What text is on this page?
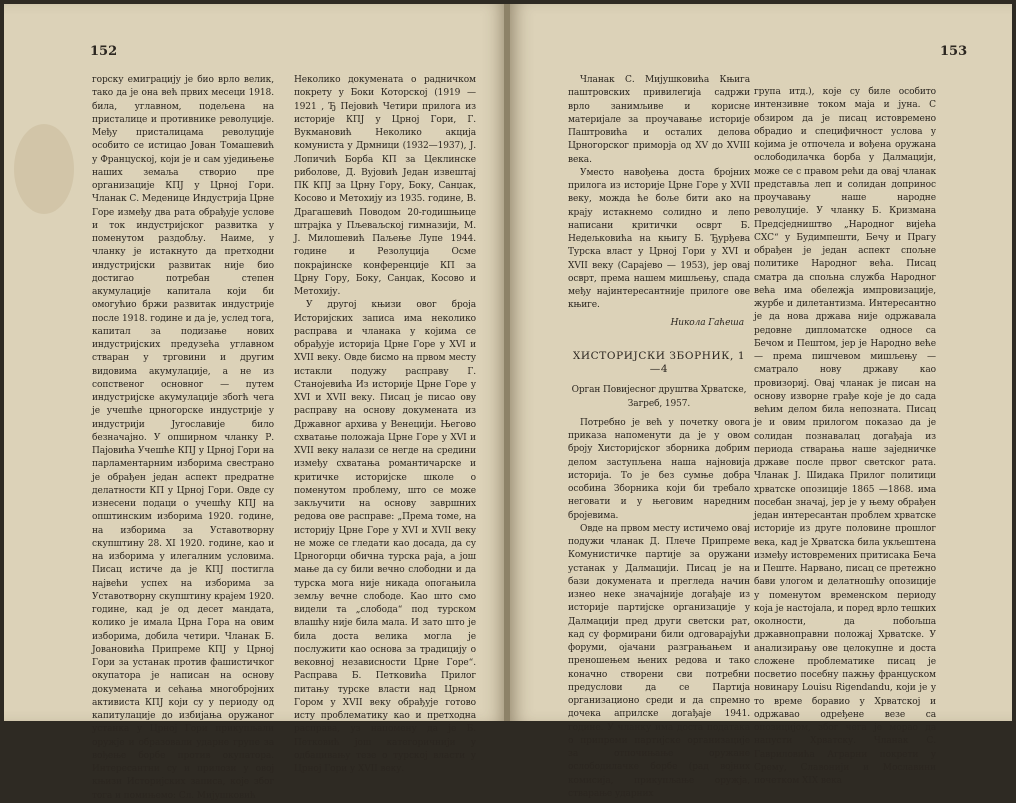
152

горску емиграцију је био врло велик, тако да је она већ првих месеци 1918. била, углавном, подељена на присталице и противнике револуције. Међу присталицама револуције особито се истицао Јован Томашевић у Француској, који је и сам уједињење наших земаља створио пре организације КПЈ у Црној Гори. Чланак С. Меденице Индустрија Црне Горе између два рата обрађује услове и ток индустријског развитка у поменутом раздобљу. Наиме, у чланку је истакнуто да претходни индустријски развитак није био достигао потребан степен акумулације капитала који би омогућио бржи развитак индустрије после 1918. године и да је, услед тога, капитал за подизање нових индустријских предузећа углавном стваран у трговини и другим видовима акумулације, а не из сопственог основног — путем индустријске акумулације збогћ чега је учешће црногорске индустрије у индустрији Југославије било безначајно. У опширном чланку Р. Пајовића Учешће КПЈ у Црној Гори на парламентарним изборима свестрано је обрађен један аспект предратне делатности КП у Црној Гори. Овде су изнесени подаци о учешћу КПЈ на општинским изборима 1920. године, на изборима за Уставотворну скупштину 28. XI 1920. године, као и на изборима у илегалним условима. Писац истиче да је КПЈ постигла највећи успех на изборима за Уставотворну скупштину крајем 1920. године, кад је од десет мандата, колико је имала Црна Гора на овим изборима, добила четири. Чланак Б. Јовановића Припреме КПЈ у Црној Гори за устанак против фашистичког окупатора је написан на основу докумената и сећања многобројних активиста КПЈ који су у периоду од капитулације до избијања оружаног устанка у Црној Гори прикупљали оружје и образовали ударне групе за вођење борбе против окупатора. Интересантни су и прилози у овој књизи Историјских записа, које због тога и помињемо: Сл. Мијушковић

Неколико докумената о радничком покрету у Боки Которској (1919 —1921 , Ђ Пејовић Четири прилога из историје КПЈ у Црној Гори, Г. Вукмановић Неколико акција комуниста у Дрмници (1932—1937), Ј. Лопичић Борба КП за Цеклинске риболове, Д. Вујовић Један извештај ПК КПЈ за Црну Гору, Боку, Санџак, Косово и Метохију из 1935. године, В. Драгашевић Поводом 20-годишњице штрајка у Пљеваљској гимназији, М. Ј. Милошевић Паљење Лупе 1944. године и Резолуција Осме покрајинске конференције КП за Црну Гору, Боку, Санџак, Косово и Метохију.

У другој књизи овог броја Историјских записа има неколико расправа и чланака у којима се обрађује историја Црне Горе у XVI и XVII веку. Овде бисмо на првом месту истакли подужу расправу Г. Станојевића Из историје Црне Горе у XVI и XVII веку. Писац је писао ову расправу на основу докумената из Државног архива у Венецији. Његово схватање положаја Црне Горе у XVI и XVII веку налази се негде на средини између схватања романтичарске и критичке историјске школе о поменутом проблему, што се може закључити на основу завршних редова ове расправе: „Према томе, на историју Црне Горе у XVI и XVII веку не може се гледати као досада, да су Црногорци обична турска раја, а још мање да су били вечно слободни и да турска мога није никада опогањила земљу вечне слободе. Као што смо видели та „слобода“ под турском влашћу није била мала. И зато што је била доста велика могла је послужити као основа за традицију о вековној независности Црне Горе“. Расправа Б. Петковића Прилог питању турске власти над Црном Гором у XVII веку обрађује готово исту проблематику као и претходна расправа, уз напомену да је Б. Петковић још категоричнији у одбацивању тезе о турској власти у Црној Гори у XVII веку.

153

Чланак С. Мијушковића Књига паштровских привилегија садржи врло занимљиве и корисне материјале за проучавање историје Паштровића и осталих делова Црногорског приморја од XV до XVIII века.

Уместо навођења доста бројних прилога из историје Црне Горе у XVII веку, можда ће боље бити ако на крају истакнемо солидно и лепо написани критички осврт Б. Недељковића на књигу Б. Ђурђева Турска власт у Црној Гори у XVI и XVII веку (Сарајево — 1953), јер овај осврт, према нашем мишљењу, спада међу најинтересантније прилоге ове књиге.

Никола Гаћеша
ХИСТОРИЈСКИ ЗБОРНИК, 1—4
Орган Повијесног друштва Хрватске,
Загреб, 1957.

Потребно је већ у почетку овога приказа напоменути да је у овом броју Хисторијског зборника добрим делом заступљена наша најновија историја. То је без сумње добра особина Зборника који би требало неговати и у његовим наредним бројевима.

Овде на првом месту истичемо овај подужи чланак Д. Плече Припреме Комунистичке партије за оружани устанак у Далмацији. Писац је на бази докумената и прегледа начин изнео неке значајније догађаје из историје партијске организације у Далмацији пред други светски рат, кад су формирани били одговарајући форуми, ојачани разграњањем и преношењем њених редова и тако коначно створени сви потребни предуслови да се Партија организационо среди и да спремно дочека априлске догађаје 1941. године. У чланку има доста података о припреми партијске организације за отпочињање оружане ослободилачке борбе (рад војних комисија, прикупљање оружја, стварање ударних

група итд.), које су биле особито интензивне током маја и јуна. С обзиром да је писац истовремено обрадио и специфичност услова у којима је отпочела и вођена оружана ослободилачка борба у Далмацији, може се с правом рећи да овај чланак представља леп и солидан допринос проучавању наше народне револуције. У чланку Б. Кризмана Предсједништво „Народног вијећа СХС“ у Будимпешти, Бечу и Прагу обрађен је један аспект спољне политике Народног већа. Писац сматра да спољна служба Народног већа има обележја импровизације, журбе и дилетантизма. Интересантно је да нова држава није одржавала редовне дипломатске односе са Бечом и Пештом, јер је Народно веће — према пишчевом мишљењу — сматрало нову државу као провизориј. Овај чланак је писан на основу изворне грађе које је до сада већим делом била непозната. Писац је и овим прилогом показао да је солидан познавалац догађаја из периода стварања наше заједничке државе после првог светског рата. Чланак Ј. Шидака Прилог политици хрватске опозиције 1865 —1868. има посебан значај, јер је у њему обрађен један интересантан проблем хрватске историје из друге половине прошлог века, кад је Хрватска била укљештена између истовремених притисака Беча и Пеште. Нарвано, писац се претежно бави улогом и делатношћу опозиције у поменутом временском периоду која је настојала, и поред врло тешких околности, да побољша државноправни положај Хрватске. У анализирању ове целокупне и доста сложене проблематике писац је посветио посебну пажњу француском новинару Louisu Rigendandu, који је у то време боравио у Хрватској и одржавао одређене везе са опозицијом, због чега је морао да напусти Хрватску. Чланак С. Гавриловића Аграрни покрети у Срему, Славонији и Мославини почетком XIX века
